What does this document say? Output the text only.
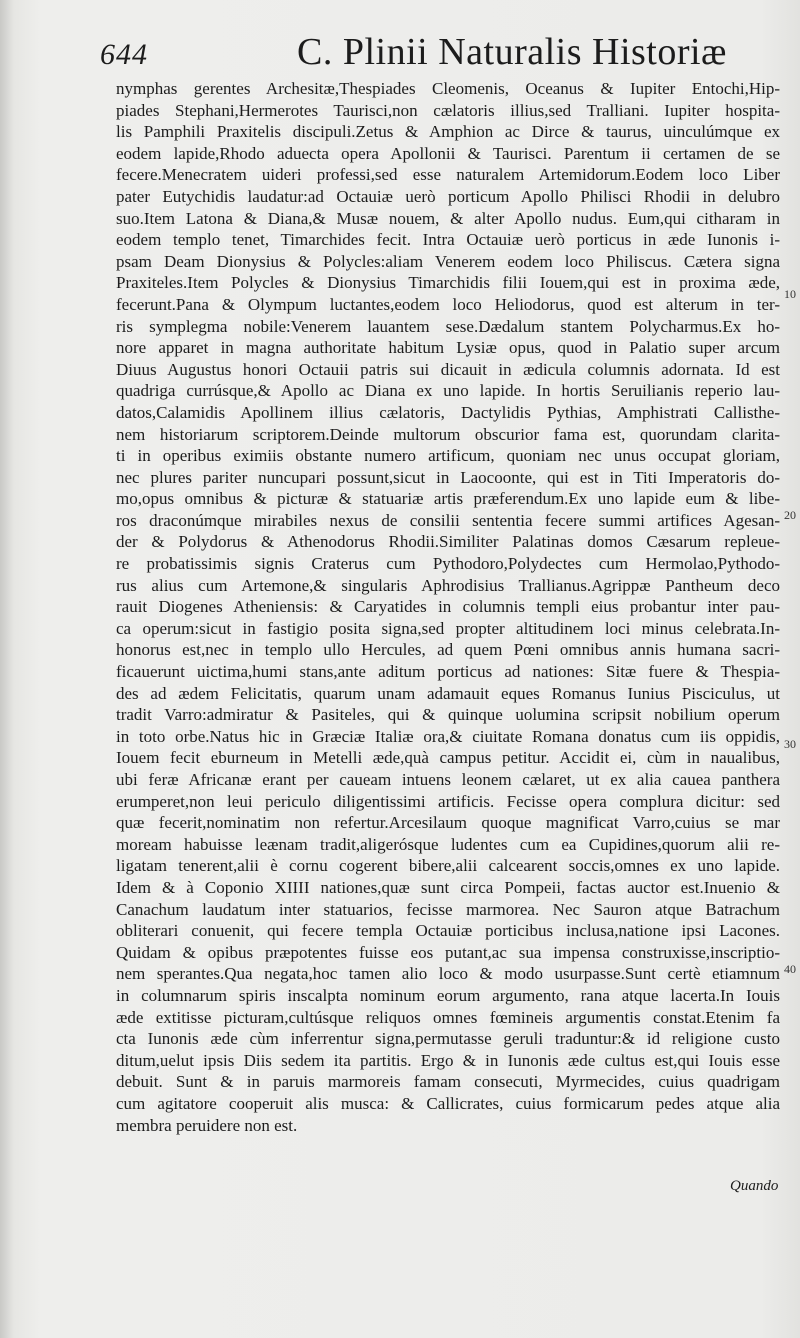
644	C. Plinii Naturalis Historiæ
nymphas gerentes Archesitæ,Thespiades Cleomenis, Oceanus & Iupiter Entochi,Hip-
piades Stephani,Hermerotes Taurisci,non cælatoris illius,sed Tralliani. Iupiter hospita-
lis Pamphili Praxitelis discipuli.Zetus & Amphion ac Dirce & taurus, uinculúmque ex
eodem lapide,Rhodo aduecta opera Apollonii & Taurisci. Parentum ii certamen de se
fecere.Menecratem uideri professi,sed esse naturalem Artemidorum.Eodem loco Liber
pater Eutychidis laudatur:ad Octauiæ uerò porticum Apollo Philisci Rhodii in delubro
suo.Item Latona & Diana,& Musæ nouem, & alter Apollo nudus. Eum,qui citharam in
eodem templo tenet, Timarchides fecit. Intra Octauiæ uerò porticus in æde Iunonis i-
psam Deam Dionysius & Polycles:aliam Venerem eodem loco Philiscus. Cætera signa
Praxiteles.Item Polycles & Dionysius Timarchidis filii Iouem,qui est in proxima æde,
fecerunt.Pana & Olympum luctantes,eodem loco Heliodorus, quod est alterum in ter-
ris symplegma nobile:Venerem lauantem sese.Dædalum stantem Polycharmus.Ex ho-
nore apparet in magna authoritate habitum Lysiæ opus, quod in Palatio super arcum
Diuus Augustus honori Octauii patris sui dicauit in ædicula columnis adornata. Id est
quadriga currúsque,& Apollo ac Diana ex uno lapide. In hortis Seruilianis reperio lau-
datos,Calamidis Apollinem illius cælatoris, Dactylidis Pythias, Amphistrati Callisthe-
nem historiarum scriptorem.Deinde multorum obscurior fama est, quorundam clarita-
ti in operibus eximiis obstante numero artificum, quoniam nec unus occupat gloriam,
nec plures pariter nuncupari possunt,sicut in Laocoonte, qui est in Titi Imperatoris do-
mo,opus omnibus & picturæ & statuariæ artis præferendum.Ex uno lapide eum & libe-
ros draconúmque mirabiles nexus de consilii sententia fecere summi artifices Agesan-
der & Polydorus & Athenodorus Rhodii.Similiter Palatinas domos Cæsarum repleue-
re probatissimis signis Craterus cum Pythodoro,Polydectes cum Hermolao,Pythodo-
rus alius cum Artemone,& singularis Aphrodisius Trallianus.Agrippæ Pantheum deco
rauit Diogenes Atheniensis: & Caryatides in columnis templi eius probantur inter pau-
ca operum:sicut in fastigio posita signa,sed propter altitudinem loci minus celebrata.In-
honorus est,nec in templo ullo Hercules, ad quem Pœni omnibus annis humana sacri-
ficauerunt uictima,humi stans,ante aditum porticus ad nationes: Sitæ fuere & Thespia-
des ad ædem Felicitatis, quarum unam adamauit eques Romanus Iunius Pisciculus, ut
tradit Varro:admiratur & Pasiteles, qui & quinque uolumina scripsit nobilium operum
in toto orbe.Natus hic in Græciæ Italiæ ora,& ciuitate Romana donatus cum iis oppidis,
Iouem fecit eburneum in Metelli æde,quà campus petitur. Accidit ei, cùm in naualibus,
ubi feræ Africanæ erant per caueam intuens leonem cælaret, ut ex alia cauea panthera
erumperet,non leui periculo diligentissimi artificis. Fecisse opera complura dicitur: sed
quæ fecerit,nominatim non refertur.Arcesilaum quoque magnificat Varro,cuius se mar
moream habuisse leænam tradit,aligerósque ludentes cum ea Cupidines,quorum alii re-
ligatam tenerent,alii è cornu cogerent bibere,alii calcearent soccis,omnes ex uno lapide.
Idem & à Coponio XIIII nationes,quæ sunt circa Pompeii, factas auctor est.Inuenio &
Canachum laudatum inter statuarios, fecisse marmorea. Nec Sauron atque Batrachum
obliterari conuenit, qui fecere templa Octauiæ porticibus inclusa,natione ipsi Lacones.
Quidam & opibus præpotentes fuisse eos putant,ac sua impensa construxisse,inscriptio-
nem sperantes.Qua negata,hoc tamen alio loco & modo usurpasse.Sunt certè etiamnum
in columnarum spiris inscalpta nominum eorum argumento, rana atque lacerta.In Iouis
æde extitisse picturam,cultúsque reliquos omnes fœmineis argumentis constat.Etenim fa
cta Iunonis æde cùm inferrentur signa,permutasse geruli traduntur:& id religione custo
ditum,uelut ipsis Diis sedem ita partitis. Ergo & in Iunonis æde cultus est,qui Iouis esse
debuit. Sunt & in paruis marmoreis famam consecuti, Myrmecides, cuius quadrigam
cum agitatore cooperuit alis musca: & Callicrates, cuius formicarum pedes atque alia
membra peruidere non est.
10
20
30
40
Quando
